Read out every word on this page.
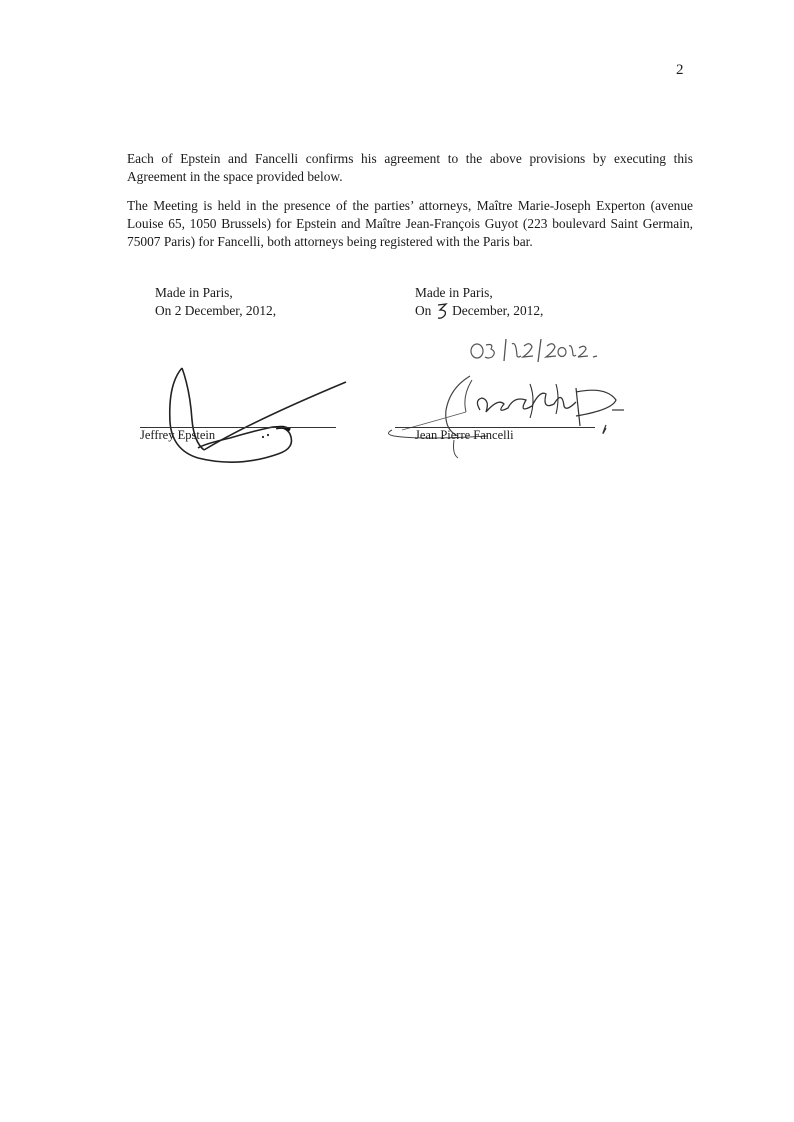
2

Each of Epstein and Fancelli confirms his agreement to the above provisions by executing this Agreement in the space provided below.

The Meeting is held in the presence of the parties’ attorneys, Maître Marie-Joseph Experton (avenue Louise 65, 1050 Brussels) for Epstein and Maître Jean-François Guyot (223 boulevard Saint Germain, 75007 Paris) for Fancelli, both attorneys being registered with the Paris bar.

Made in Paris,
On 2 December, 2012,
Made in Paris,
On December, 2012,
Jeffrey Epstein	Jean Pierre Fancelli
